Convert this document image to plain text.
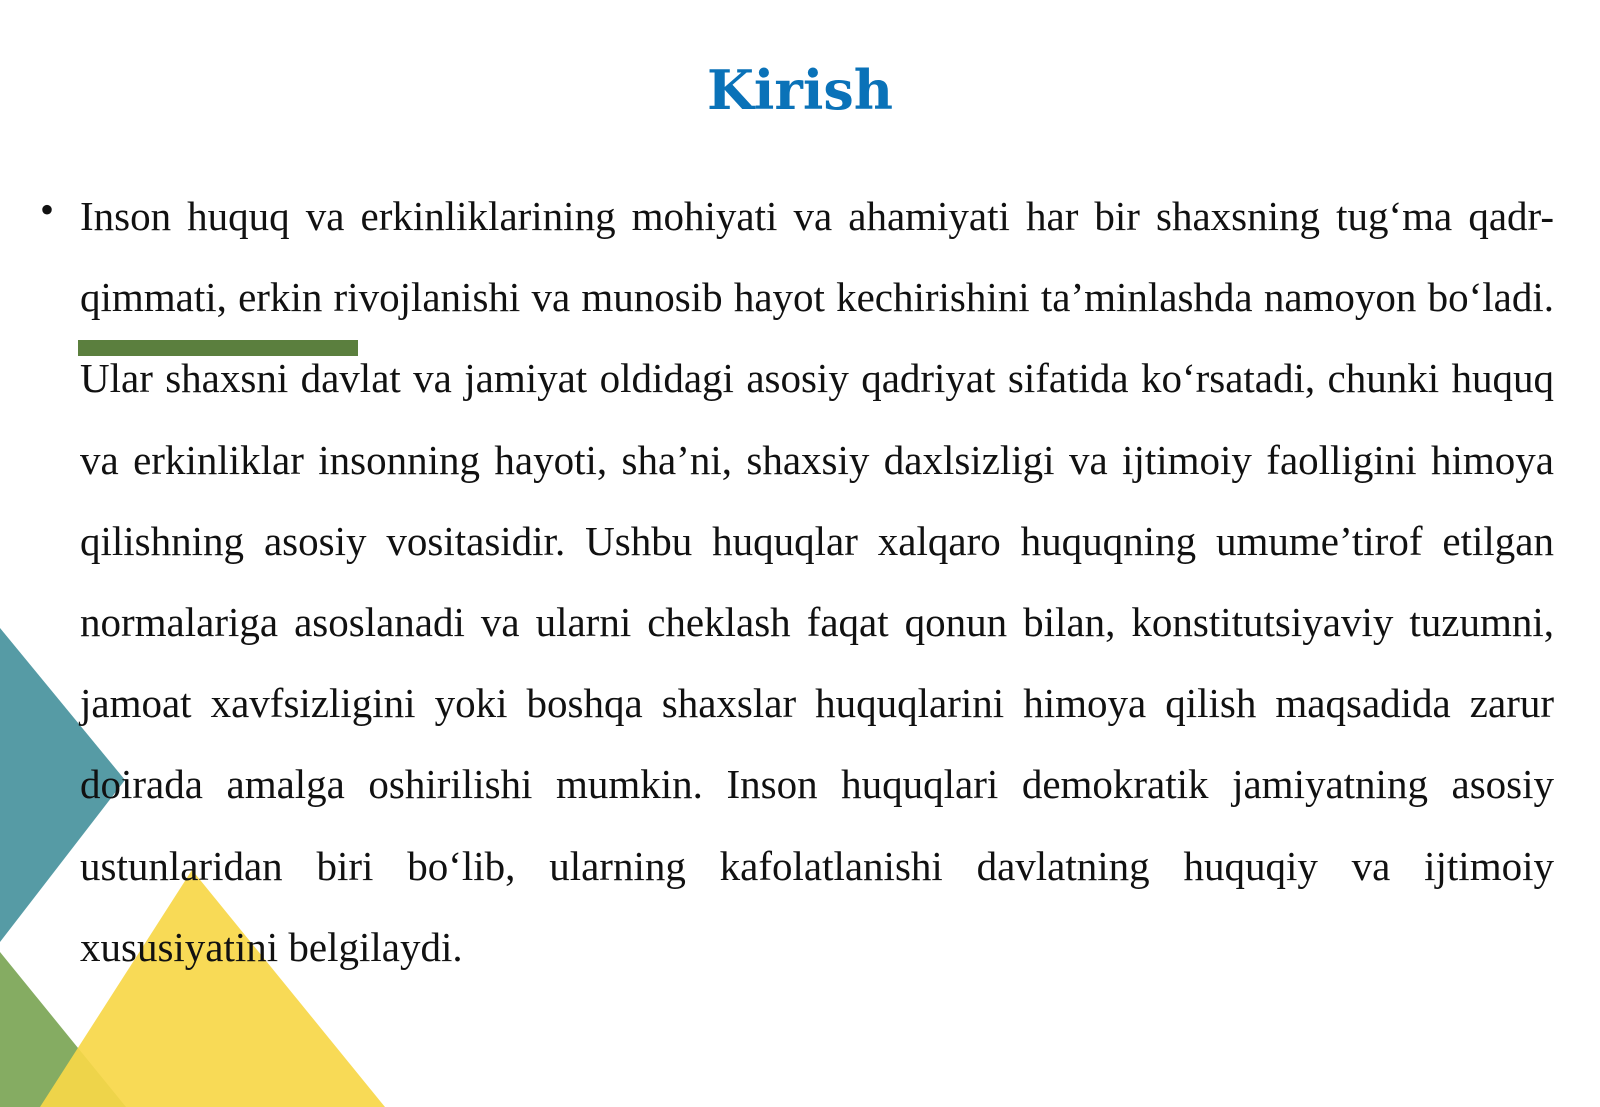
Kirish
• Inson huquq va erkinliklarining mohiyati va ahamiyati har bir shaxsning tug‘ma qadr-qimmati, erkin rivojlanishi va munosib hayot kechirishini ta’minlashda namoyon bo‘ladi. Ular shaxsni davlat va jamiyat oldidagi asosiy qadriyat sifatida ko‘rsatadi, chunki huquq va erkinliklar insonning hayoti, sha’ni, shaxsiy daxlsizligi va ijtimoiy faolligini himoya qilishning asosiy vositasidir. Ushbu huquqlar xalqaro huquqning umume’tirof etilgan normalariga asoslanadi va ularni cheklash faqat qonun bilan, konstitutsiyaviy tuzumni, jamoat xavfsizligini yoki boshqa shaxslar huquqlarini himoya qilish maqsadida zarur doirada amalga oshirilishi mumkin. Inson huquqlari demokratik jamiyatning asosiy ustunlaridan biri bo‘lib, ularning kafolatlanishi davlatning huquqiy va ijtimoiy xususiyatini belgilaydi.
